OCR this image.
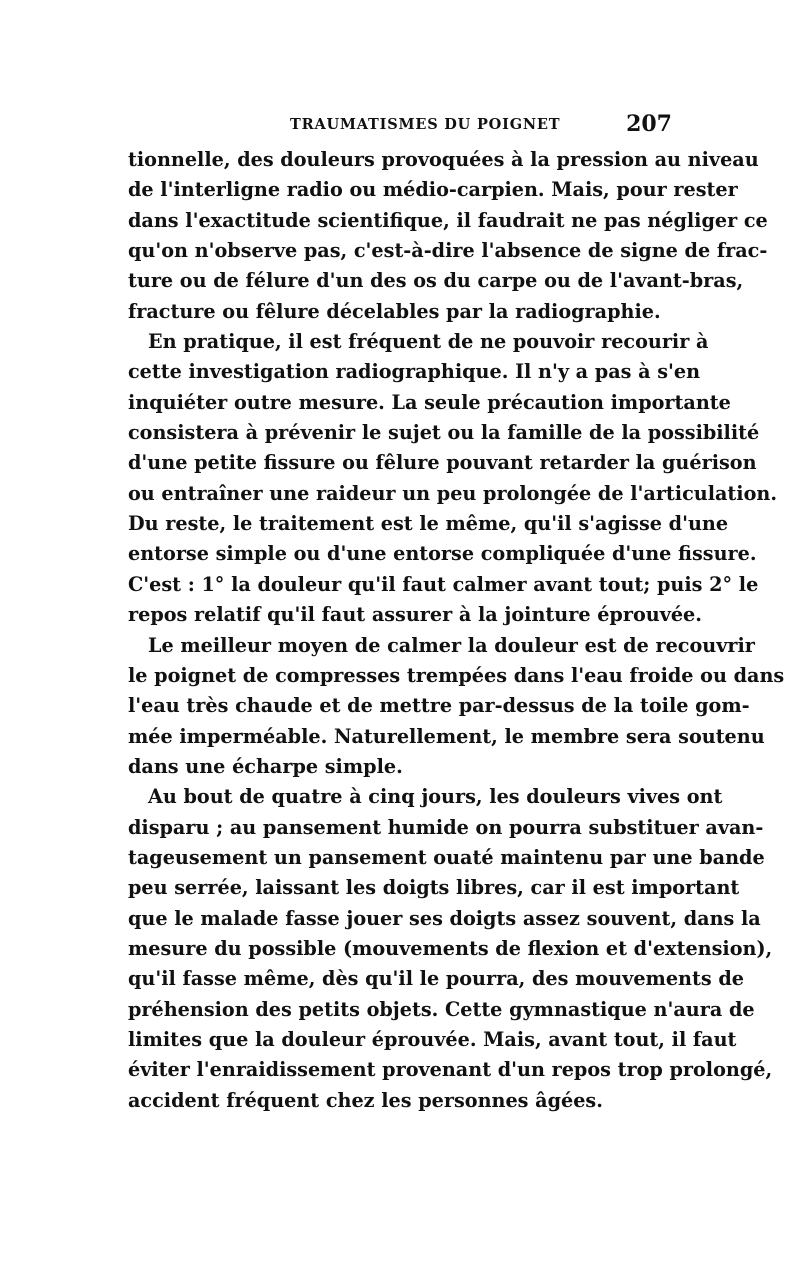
TRAUMATISMES DU POIGNET	207
tionnelle, des douleurs provoquées à la pression au niveau
de l'interligne radio ou médio-carpien. Mais, pour rester
dans l'exactitude scientifique, il faudrait ne pas négliger ce
qu'on n'observe pas, c'est-à-dire l'absence de signe de frac-
ture ou de félure d'un des os du carpe ou de l'avant-bras,
fracture ou fêlure décelables par la radiographie.
En pratique, il est fréquent de ne pouvoir recourir à
cette investigation radiographique. Il n'y a pas à s'en
inquiéter outre mesure. La seule précaution importante
consistera à prévenir le sujet ou la famille de la possibilité
d'une petite fissure ou fêlure pouvant retarder la guérison
ou entraîner une raideur un peu prolongée de l'articulation.
Du reste, le traitement est le même, qu'il s'agisse d'une
entorse simple ou d'une entorse compliquée d'une fissure.
C'est : 1° la douleur qu'il faut calmer avant tout; puis 2° le
repos relatif qu'il faut assurer à la jointure éprouvée.
Le meilleur moyen de calmer la douleur est de recouvrir
le poignet de compresses trempées dans l'eau froide ou dans
l'eau très chaude et de mettre par-dessus de la toile gom-
mée imperméable. Naturellement, le membre sera soutenu
dans une écharpe simple.
Au bout de quatre à cinq jours, les douleurs vives ont
disparu ; au pansement humide on pourra substituer avan-
tageusement un pansement ouaté maintenu par une bande
peu serrée, laissant les doigts libres, car il est important
que le malade fasse jouer ses doigts assez souvent, dans la
mesure du possible (mouvements de flexion et d'extension),
qu'il fasse même, dès qu'il le pourra, des mouvements de
préhension des petits objets. Cette gymnastique n'aura de
limites que la douleur éprouvée. Mais, avant tout, il faut
éviter l'enraidissement provenant d'un repos trop prolongé,
accident fréquent chez les personnes âgées.
